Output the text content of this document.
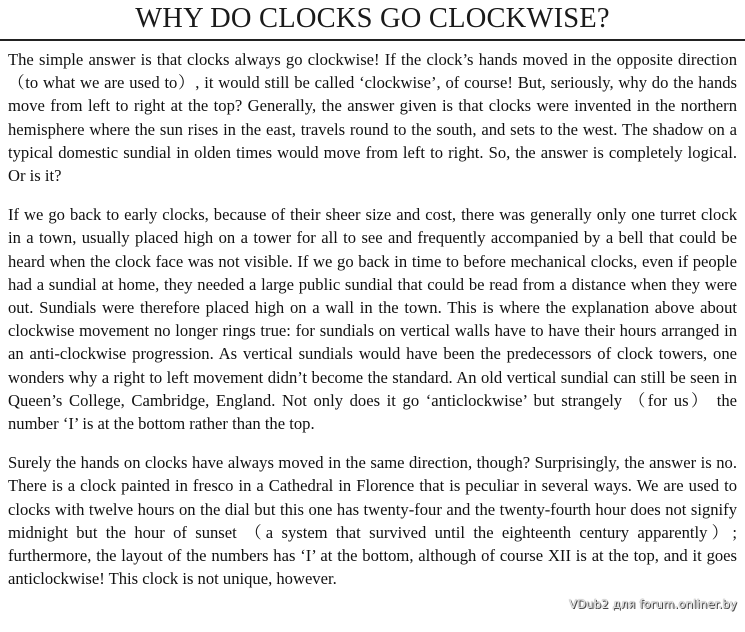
WHY DO CLOCKS GO CLOCKWISE?

The simple answer is that clocks always go clockwise! If the clock’s hands moved in the opposite direction （to what we are used to）, it would still be called ‘clockwise’, of course! But, seriously, why do the hands move from left to right at the top? Generally, the answer given is that clocks were invented in the northern hemisphere where the sun rises in the east, travels round to the south, and sets to the west. The shadow on a typical domestic sundial in olden times would move from left to right. So, the answer is completely logical. Or is it?

If we go back to early clocks, because of their sheer size and cost, there was generally only one turret clock in a town, usually placed high on a tower for all to see and frequently accompanied by a bell that could be heard when the clock face was not visible. If we go back in time to before mechanical clocks, even if people had a sundial at home, they needed a large public sundial that could be read from a distance when they were out. Sundials were therefore placed high on a wall in the town. This is where the explanation above about clockwise movement no longer rings true: for sundials on vertical walls have to have their hours arranged in an anti-clockwise progression. As vertical sundials would have been the predecessors of clock towers, one wonders why a right to left movement didn’t become the standard. An old vertical sundial can still be seen in Queen’s College, Cambridge, England. Not only does it go ‘anticlockwise’ but strangely （for us） the number ‘I’ is at the bottom rather than the top.

Surely the hands on clocks have always moved in the same direction, though? Surprisingly, the answer is no. There is a clock painted in fresco in a Cathedral in Florence that is peculiar in several ways. We are used to clocks with twelve hours on the dial but this one has twenty-four and the twenty-fourth hour does not signify midnight but the hour of sunset （a system that survived until the eighteenth century apparently）; furthermore, the layout of the numbers has ‘I’ at the bottom, although of course XII is at the top, and it goes anticlockwise! This clock is not unique, however.

VDub2 для forum.onliner.by
